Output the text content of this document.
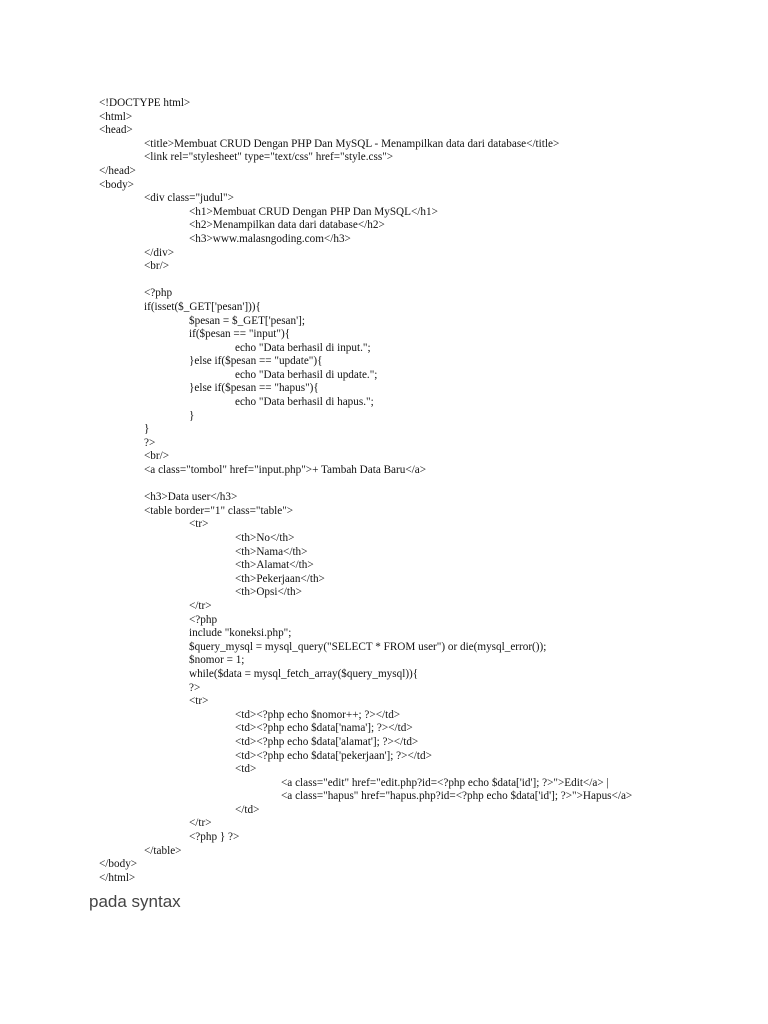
<!DOCTYPE html>
<html>
<head>
<title>Membuat CRUD Dengan PHP Dan MySQL - Menampilkan data dari database</title>
<link rel="stylesheet" type="text/css" href="style.css">
</head>
<body>
<div class="judul">
<h1>Membuat CRUD Dengan PHP Dan MySQL</h1>
<h2>Menampilkan data dari database</h2>
<h3>www.malasngoding.com</h3>
</div>
<br/>
<?php
if(isset($_GET['pesan'])){
$pesan = $_GET['pesan'];
if($pesan == "input"){
echo "Data berhasil di input.";
}else if($pesan == "update"){
echo "Data berhasil di update.";
}else if($pesan == "hapus"){
echo "Data berhasil di hapus.";
}
}
?>
<br/>
<a class="tombol" href="input.php">+ Tambah Data Baru</a>
<h3>Data user</h3>
<table border="1" class="table">
<tr>
<th>No</th>
<th>Nama</th>
<th>Alamat</th>
<th>Pekerjaan</th>
<th>Opsi</th>
</tr>
<?php
include "koneksi.php";
$query_mysql = mysql_query("SELECT * FROM user") or die(mysql_error());
$nomor = 1;
while($data = mysql_fetch_array($query_mysql)){
?>
<tr>
<td><?php echo $nomor++; ?></td>
<td><?php echo $data['nama']; ?></td>
<td><?php echo $data['alamat']; ?></td>
<td><?php echo $data['pekerjaan']; ?></td>
<td>
<a class="edit" href="edit.php?id=<?php echo $data['id']; ?>">Edit</a> |
<a class="hapus" href="hapus.php?id=<?php echo $data['id']; ?>">Hapus</a>
</td>
</tr>
<?php } ?>
</table>
</body>
</html>
pada syntax
